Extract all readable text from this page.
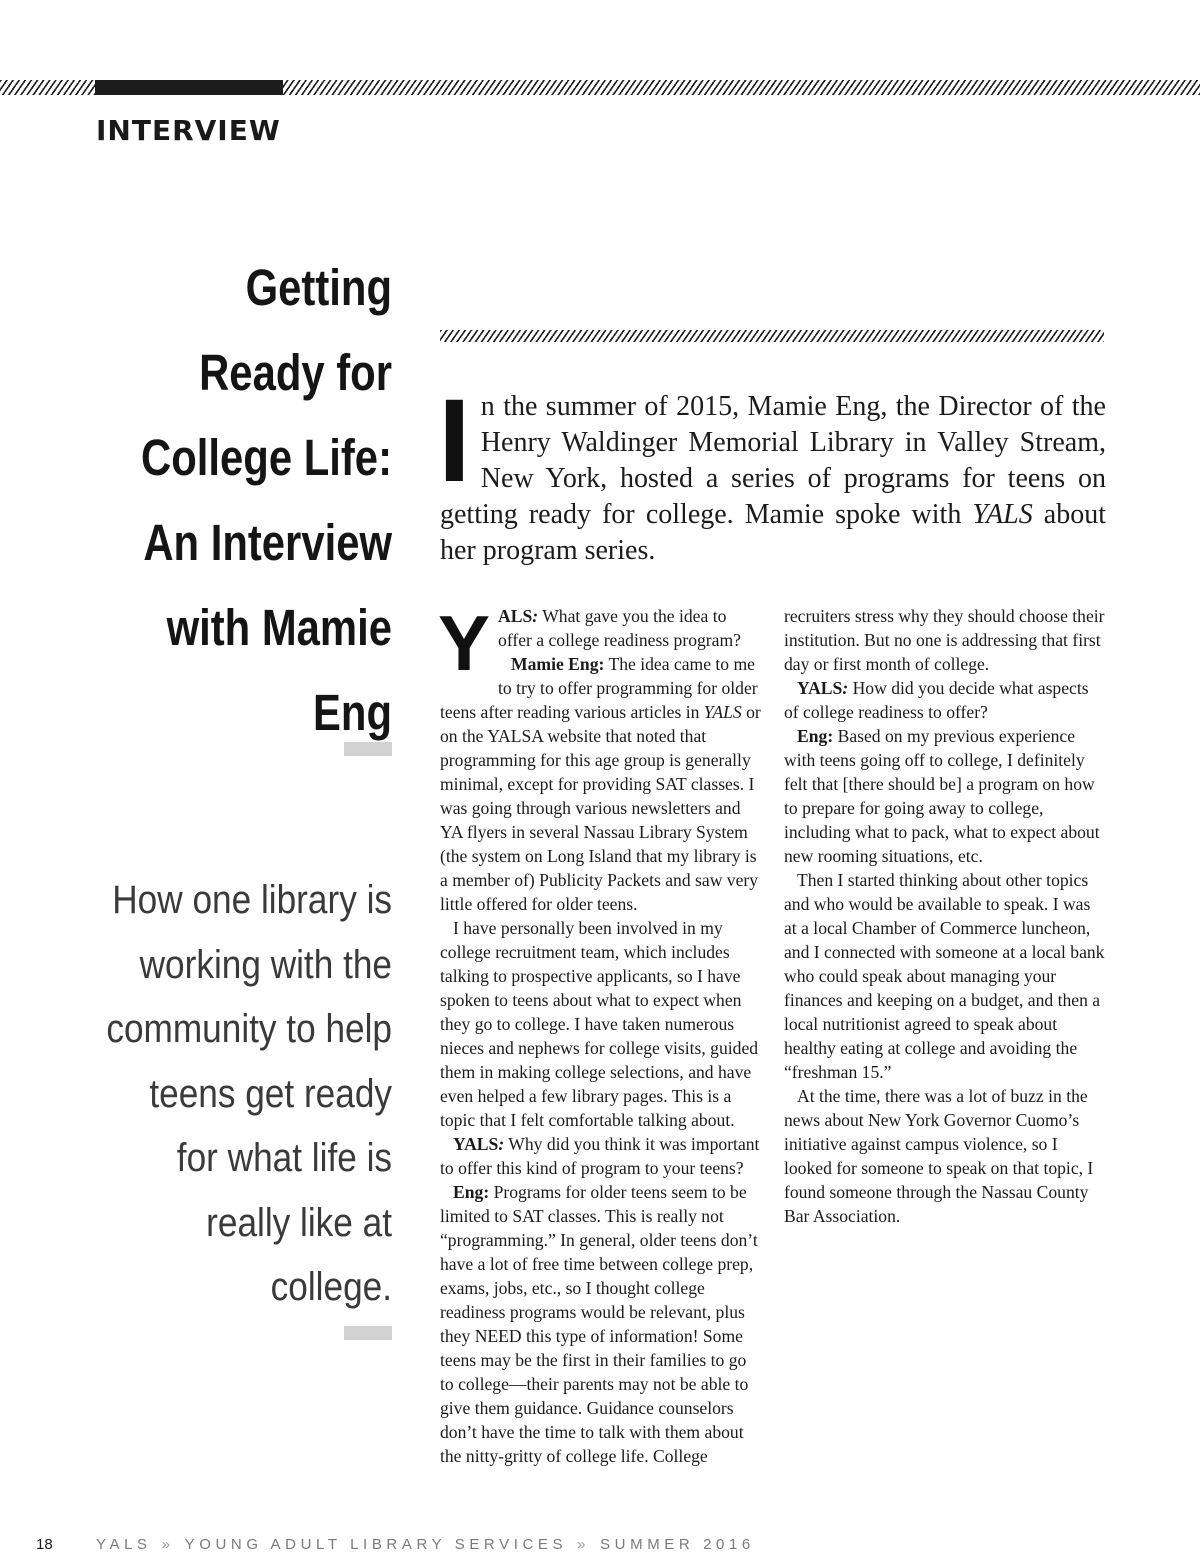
INTERVIEW
Getting Ready for College Life: An Interview with Mamie Eng

How one library is working with the community to help teens get ready for what life is really like at college.

In the summer of 2015, Mamie Eng, the Director of the Henry Waldinger Memorial Library in Valley Stream, New York, hosted a series of programs for teens on getting ready for college. Mamie spoke with YALS about her program series.

YALS: What gave you the idea to offer a college readiness program?

Mamie Eng: The idea came to me to try to offer programming for older teens after reading various articles in YALS or on the YALSA website that noted that programming for this age group is generally minimal, except for providing SAT classes. I was going through various newsletters and YA flyers in several Nassau Library System (the system on Long Island that my library is a member of) Publicity Packets and saw very little offered for older teens.

I have personally been involved in my college recruitment team, which includes talking to prospective applicants, so I have spoken to teens about what to expect when they go to college. I have taken numerous nieces and nephews for college visits, guided them in making college selections, and have even helped a few library pages. This is a topic that I felt comfortable talking about.

YALS: Why did you think it was important to offer this kind of program to your teens?

Eng: Programs for older teens seem to be limited to SAT classes. This is really not “programming.” In general, older teens don’t have a lot of free time between college prep, exams, jobs, etc., so I thought college readiness programs would be relevant, plus they NEED this type of information! Some teens may be the first in their families to go to college—their parents may not be able to give them guidance. Guidance counselors don’t have the time to talk with them about the nitty-gritty of college life. College

recruiters stress why they should choose their institution. But no one is addressing that first day or first month of college.

YALS: How did you decide what aspects of college readiness to offer?

Eng: Based on my previous experience with teens going off to college, I definitely felt that [there should be] a program on how to prepare for going away to college, including what to pack, what to expect about new rooming situations, etc.

Then I started thinking about other topics and who would be available to speak. I was at a local Chamber of Commerce luncheon, and I connected with someone at a local bank who could speak about managing your finances and keeping on a budget, and then a local nutritionist agreed to speak about healthy eating at college and avoiding the “freshman 15.”

At the time, there was a lot of buzz in the news about New York Governor Cuomo’s initiative against campus violence, so I looked for someone to speak on that topic, I found someone through the Nassau County Bar Association.

18	YALS » YOUNG ADULT LIBRARY SERVICES » SUMMER 2016
